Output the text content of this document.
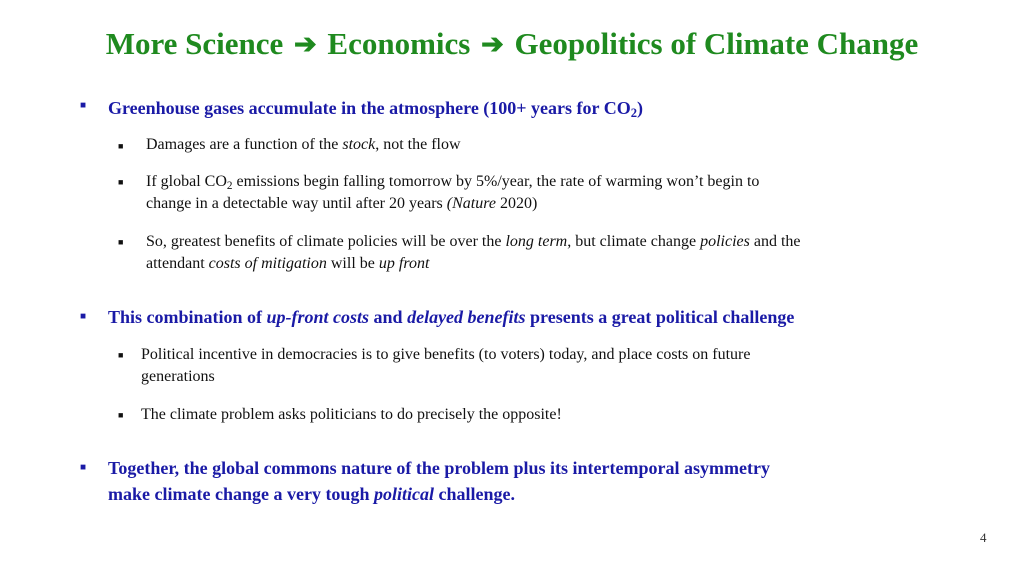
More Science ➔ Economics ➔ Geopolitics of Climate Change
■ Greenhouse gases accumulate in the atmosphere (100+ years for $CO_2$)
■ Damages are a function of the stock, not the flow
■ If global $CO_2$ emissions begin falling tomorrow by 5%/year, the rate of warming won’t begin to
change in a detectable way until after 20 years (Nature 2020)
■ So, greatest benefits of climate policies will be over the long term, but climate change policies and the
attendant costs of mitigation will be up front
■ This combination of up-front costs and delayed benefits presents a great political challenge
■ Political incentive in democracies is to give benefits (to voters) today, and place costs on future
generations
■ The climate problem asks politicians to do precisely the opposite!
■ Together, the global commons nature of the problem plus its intertemporal asymmetry
make climate change a very tough political challenge.
4
